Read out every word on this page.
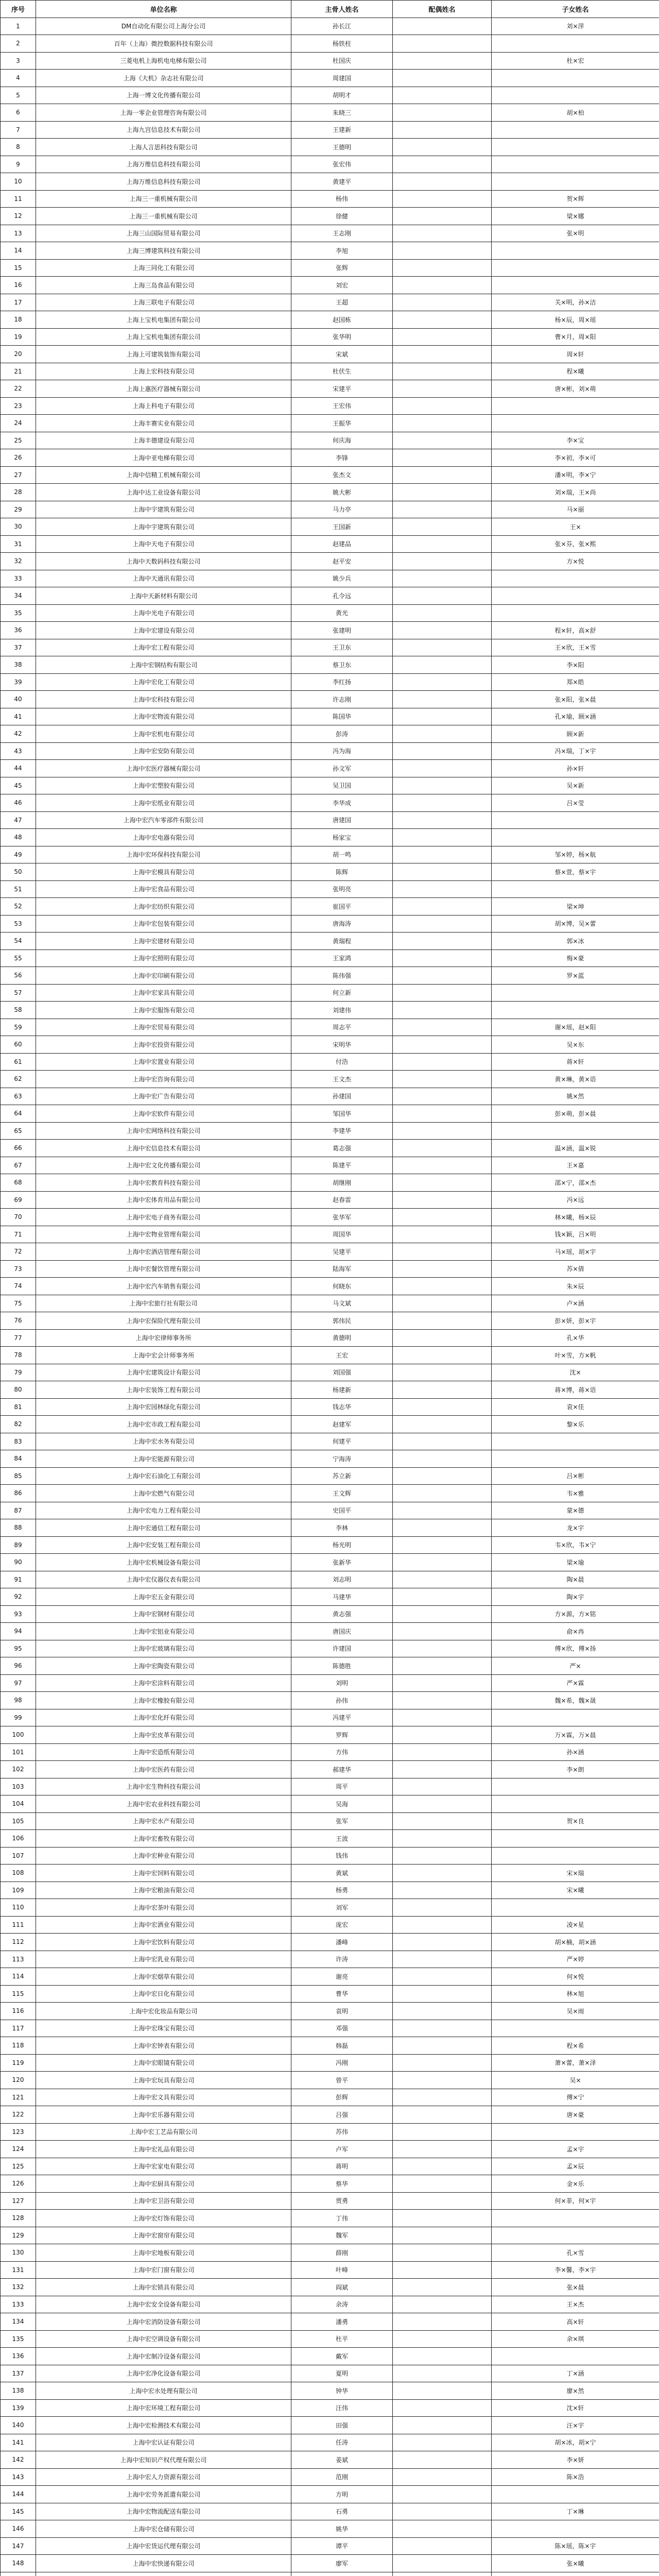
序号	单位名称	主骨人姓名	配偶姓名	子女姓名
1	DM自动化有限公司上海分公司	孙长江		刘×萍
2	百年（上海）微控数据科技有限公司	杨铁柱		
3	三菱电机上海机电电梯有限公司	杜国庆		杜×宏
4	上海《大机》杂志社有限公司	周建国		
5	上海一博文化传播有限公司	胡明才		
6	上海一零企业管理咨询有限公司	朱晓三		胡×柏
7	上海九宫信息技术有限公司	王建新		
8	上海人言思科技有限公司	王德明		
9	上海万维信息科技有限公司	张宏伟		
10	上海万维信息科技有限公司	黄建平		
11	上海三一重机械有限公司	杨伟		贺×辉
12	上海三一重机械有限公司	徐健		梁×娜
13	上海三山国际贸易有限公司	王志刚		张×明
14	上海三博建筑科技有限公司	李旭		
15	上海三同化工有限公司	张辉		
16	上海三岛食品有限公司	刘宏		
17	上海三联电子有限公司	王超		关×明，孙×洁
18	上海上宝机电集团有限公司	赵国栋		杨×辰，周×瑶
19	上海上宝机电集团有限公司	张华明		曹×月，周×阳
20	上海上可建筑装饰有限公司	宋斌		周×轩
21	上海上宏科技有限公司	杜伏生		程×曦
22	上海上惠医疗器械有限公司	宋建平		唐×彬，刘×萌
23	上海上科电子有限公司	王宏伟		
24	上海丰赛实业有限公司	王振华		
25	上海丰德建设有限公司	何庆海		李×宝
26	上海中亚电梯有限公司	李锋		李×初，李×可
27	上海中信精工机械有限公司	张杰文		潘×明，李×宁
28	上海中达工业设备有限公司	姚大彬		刘×瑞，王×尚
29	上海中宇建筑有限公司	马力亭		马×丽
30	上海中宇建筑有限公司	王国新		王×
31	上海中天电子有限公司	赵建品		张×芬，张×熙
32	上海中天数码科技有限公司	赵平安		方×悦
33	上海中天通讯有限公司	姚少兵		
34	上海中天新材料有限公司	孔令远		
35	上海中光电子有限公司	黄光		
36	上海中宏建设有限公司	张建明		程×轩，高×舒
37	上海中宏工程有限公司	王卫东		王×欣，王×雪
38	上海中宏钢结构有限公司	蔡卫东		李×阳
39	上海中宏化工有限公司	李红扬		郑×皓
40	上海中宏科技有限公司	许志刚		张×阳，张×晨
41	上海中宏物流有限公司	陈国华		孔×瑜，顾×涵
42	上海中宏机电有限公司	彭涛		顾×新
43	上海中宏安防有限公司	冯为海		冯×瑞，丁×宇
44	上海中宏医疗器械有限公司	孙文军		孙×轩
45	上海中宏塑胶有限公司	吴卫国		吴×新
46	上海中宏纸业有限公司	李华成		吕×莹
47	上海中宏汽车零部件有限公司	唐建国		
48	上海中宏电器有限公司	杨家宝		
49	上海中宏环保科技有限公司	胡一鸣		邹×婷，杨×航
50	上海中宏模具有限公司	陈辉		蔡×萱，蔡×宇
51	上海中宏食品有限公司	张明亮		
52	上海中宏纺织有限公司	崔国平		梁×坤
53	上海中宏包装有限公司	唐海涛		胡×博，吴×蕾
54	上海中宏建材有限公司	黄瑞程		郭×冰
55	上海中宏照明有限公司	王家鸿		梅×豪
56	上海中宏印刷有限公司	陈伟强		罗×蓝
57	上海中宏家具有限公司	何立新		
58	上海中宏服饰有限公司	刘建伟		
59	上海中宏贸易有限公司	周志平		谢×瑶，赵×阳
60	上海中宏投资有限公司	宋明华		吴×东
61	上海中宏置业有限公司	付浩		蒋×轩
62	上海中宏咨询有限公司	王文杰		黄×琳，黄×语
63	上海中宏广告有限公司	孙建国		姚×然
64	上海中宏软件有限公司	邹国华		彭×萌，彭×晨
65	上海中宏网络科技有限公司	李建华		
66	上海中宏信息技术有限公司	葛志强		温×涵，温×锐
67	上海中宏文化传播有限公司	陈建平		王×嘉
68	上海中宏教育科技有限公司	胡继刚		邵×宁，邵×杰
69	上海中宏体育用品有限公司	赵春雷		冯×远
70	上海中宏电子商务有限公司	张华军		林×曦，杨×辰
71	上海中宏物业管理有限公司	周国华		钱×颖，吕×明
72	上海中宏酒店管理有限公司	吴建平		马×瑶，胡×宇
73	上海中宏餐饮管理有限公司	陆海军		苏×倩
74	上海中宏汽车销售有限公司	何晓东		朱×辰
75	上海中宏旅行社有限公司	马文斌		卢×涵
76	上海中宏保险代理有限公司	郭伟民		彭×妍，彭×宇
77	上海中宏律师事务所	黄德明		孔×华
78	上海中宏会计师事务所	王宏		叶×雪，方×帆
79	上海中宏建筑设计有限公司	刘国强		沈×
80	上海中宏装饰工程有限公司	杨建新		蒋×博，蒋×语
81	上海中宏园林绿化有限公司	钱志华		袁×佳
82	上海中宏市政工程有限公司	赵建军		黎×乐
83	上海中宏水务有限公司	何建平		
84	上海中宏能源有限公司	宁海涛		
85	上海中宏石油化工有限公司	苏立新		吕×彬
86	上海中宏燃气有限公司	王文辉		韦×雅
87	上海中宏电力工程有限公司	史国平		蒙×德
88	上海中宏通信工程有限公司	李林		龙×宇
89	上海中宏安装工程有限公司	杨光明		韦×欣，韦×宁
90	上海中宏机械设备有限公司	张新华		梁×瑜
91	上海中宏仪器仪表有限公司	刘志明		陶×晨
92	上海中宏五金有限公司	马建华		陶×宇
93	上海中宏钢材有限公司	黄志强		方×源，方×铭
94	上海中宏铝业有限公司	唐国庆		俞×冉
95	上海中宏玻璃有限公司	许建国		傅×欣，傅×扬
96	上海中宏陶瓷有限公司	陈德胜		严×
97	上海中宏涂料有限公司	刘明		严×霖
98	上海中宏橡胶有限公司	孙伟		魏×希，魏×晟
99	上海中宏化纤有限公司	冯建平		
100	上海中宏皮革有限公司	罗辉		万×霖，万×晨
101	上海中宏造纸有限公司	方伟		孙×涵
102	上海中宏医药有限公司	郝建华		李×朗
103	上海中宏生物科技有限公司	周平		
104	上海中宏农业科技有限公司	吴海		
105	上海中宏水产有限公司	张军		贺×良
106	上海中宏畜牧有限公司	王波		
107	上海中宏种业有限公司	钱伟		
108	上海中宏饲料有限公司	黄斌		宋×瑞
109	上海中宏粮油有限公司	杨勇		宋×曦
110	上海中宏茶叶有限公司	刘军		
111	上海中宏酒业有限公司	庞宏		凌×星
112	上海中宏饮料有限公司	潘峰		胡×楠，胡×涵
113	上海中宏乳业有限公司	许涛		严×婷
114	上海中宏烟草有限公司	谢亮		何×悦
115	上海中宏日化有限公司	曹华		林×旭
116	上海中宏化妆品有限公司	袁明		吴×雨
117	上海中宏珠宝有限公司	邓强		
118	上海中宏钟表有限公司	韩磊		程×希
119	上海中宏眼镜有限公司	冯刚		萧×蕾，萧×泽
120	上海中宏玩具有限公司	曾平		吴×
121	上海中宏文具有限公司	彭辉		傅×宁
122	上海中宏乐器有限公司	吕强		唐×豪
123	上海中宏工艺品有限公司	苏伟		
124	上海中宏礼品有限公司	卢军		孟×宇
125	上海中宏家电有限公司	蒋明		孟×辰
126	上海中宏厨具有限公司	蔡华		金×乐
127	上海中宏卫浴有限公司	贾勇		何×菲，何×宇
128	上海中宏灯饰有限公司	丁伟		
129	上海中宏窗帘有限公司	魏军		
130	上海中宏地板有限公司	薛刚		孔×雪
131	上海中宏门窗有限公司	叶峰		李×馨，李×宇
132	上海中宏锁具有限公司	阎斌		张×晨
133	上海中宏安全设备有限公司	余涛		王×杰
134	上海中宏消防设备有限公司	潘勇		高×轩
135	上海中宏空调设备有限公司	杜平		余×琪
136	上海中宏制冷设备有限公司	戴军		
137	上海中宏净化设备有限公司	夏明		丁×涵
138	上海中宏水处理有限公司	钟华		廖×然
139	上海中宏环境工程有限公司	汪伟		沈×轩
140	上海中宏检测技术有限公司	田强		汪×宇
141	上海中宏认证有限公司	任涛		胡×冰，胡×宁
142	上海中宏知识产权代理有限公司	姜斌		李×妍
143	上海中宏人力资源有限公司	范刚		陈×浩
144	上海中宏劳务派遣有限公司	方明		
145	上海中宏物流配送有限公司	石勇		丁×琳
146	上海中宏仓储有限公司	姚华		
147	上海中宏货运代理有限公司	谭平		陈×瑶，陈×宇
148	上海中宏快递有限公司	廖军		张×曦
